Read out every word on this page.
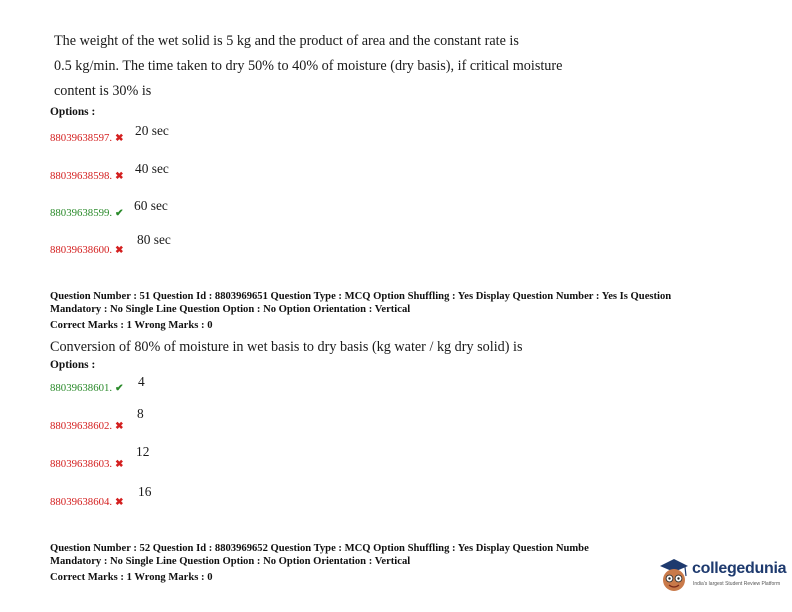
The weight of the wet solid is 5 kg and the product of area and the constant rate is
0.5 kg/min. The time taken to dry 50% to 40% of moisture (dry basis), if critical moisture
content is 30% is
Options :
88039638597. ✖
20 sec
88039638598. ✖
40 sec
88039638599. ✔
60 sec
88039638600. ✖
80 sec
Question Number : 51 Question Id : 8803969651 Question Type : MCQ Option Shuffling : Yes Display Question Number : Yes Is Question
Mandatory : No Single Line Question Option : No Option Orientation : Vertical
Correct Marks : 1 Wrong Marks : 0
Conversion of 80% of moisture in wet basis to dry basis (kg water / kg dry solid) is
Options :
88039638601. ✔ 4
88039638602. ✖
8
88039638603. ✖
12
88039638604. ✖
16
Question Number : 52 Question Id : 8803969652 Question Type : MCQ Option Shuffling : Yes Display Question Numbe
Mandatory : No Single Line Question Option : No Option Orientation : Vertical
Correct Marks : 1 Wrong Marks : 0
collegedunia
India's largest Student Review Platform
